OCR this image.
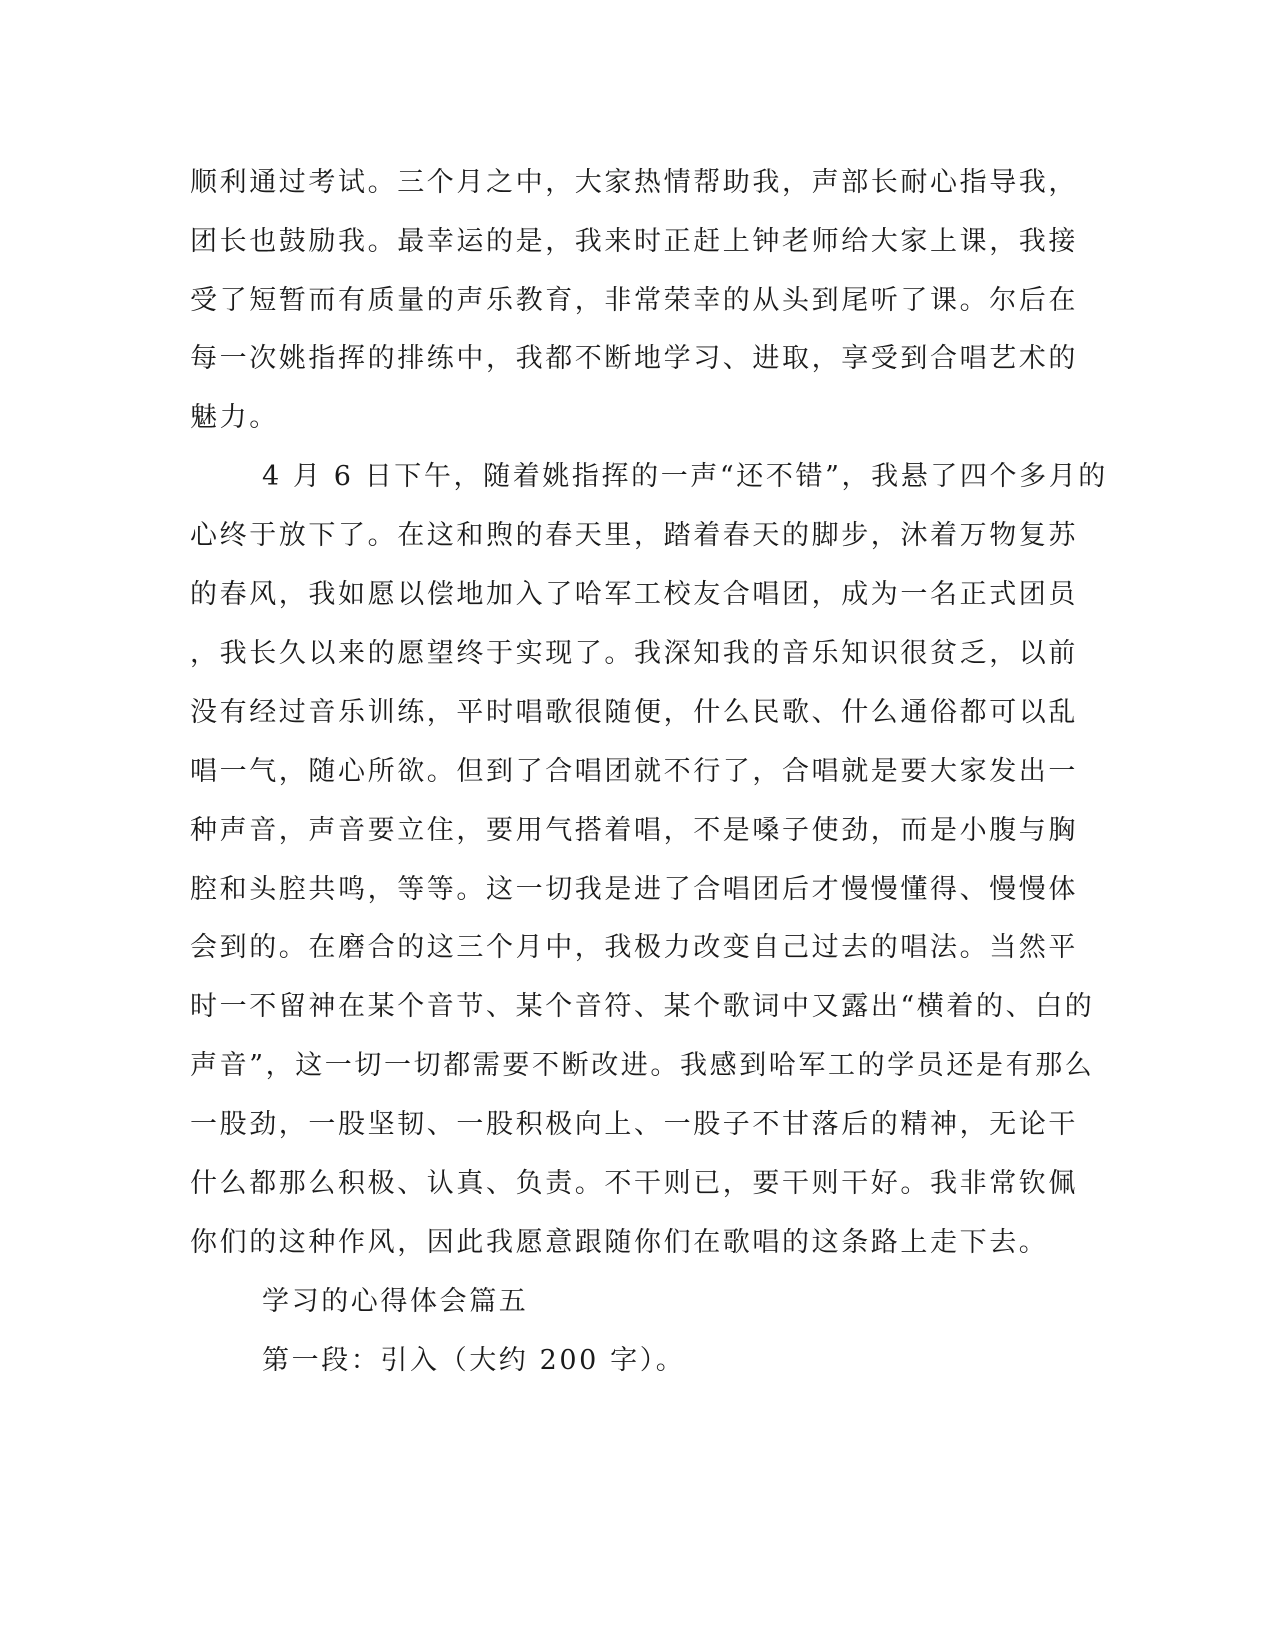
顺利通过考试。三个月之中，大家热情帮助我，声部长耐心指导我，
团长也鼓励我。最幸运的是，我来时正赶上钟老师给大家上课，我接
受了短暂而有质量的声乐教育，非常荣幸的从头到尾听了课。尔后在
每一次姚指挥的排练中，我都不断地学习、进取，享受到合唱艺术的
魅力。
4 月 6 日下午，随着姚指挥的一声“还不错”，我悬了四个多月的
心终于放下了。在这和煦的春天里，踏着春天的脚步，沐着万物复苏
的春风，我如愿以偿地加入了哈军工校友合唱团，成为一名正式团员
，我长久以来的愿望终于实现了。我深知我的音乐知识很贫乏，以前
没有经过音乐训练，平时唱歌很随便，什么民歌、什么通俗都可以乱
唱一气，随心所欲。但到了合唱团就不行了，合唱就是要大家发出一
种声音，声音要立住，要用气搭着唱，不是嗓子使劲，而是小腹与胸
腔和头腔共鸣，等等。这一切我是进了合唱团后才慢慢懂得、慢慢体
会到的。在磨合的这三个月中，我极力改变自己过去的唱法。当然平
时一不留神在某个音节、某个音符、某个歌词中又露出“横着的、白的
声音”，这一切一切都需要不断改进。我感到哈军工的学员还是有那么
一股劲，一股坚韧、一股积极向上、一股子不甘落后的精神，无论干
什么都那么积极、认真、负责。不干则已，要干则干好。我非常钦佩
你们的这种作风，因此我愿意跟随你们在歌唱的这条路上走下去。
学习的心得体会篇五
第一段：引入（大约 200 字）。
